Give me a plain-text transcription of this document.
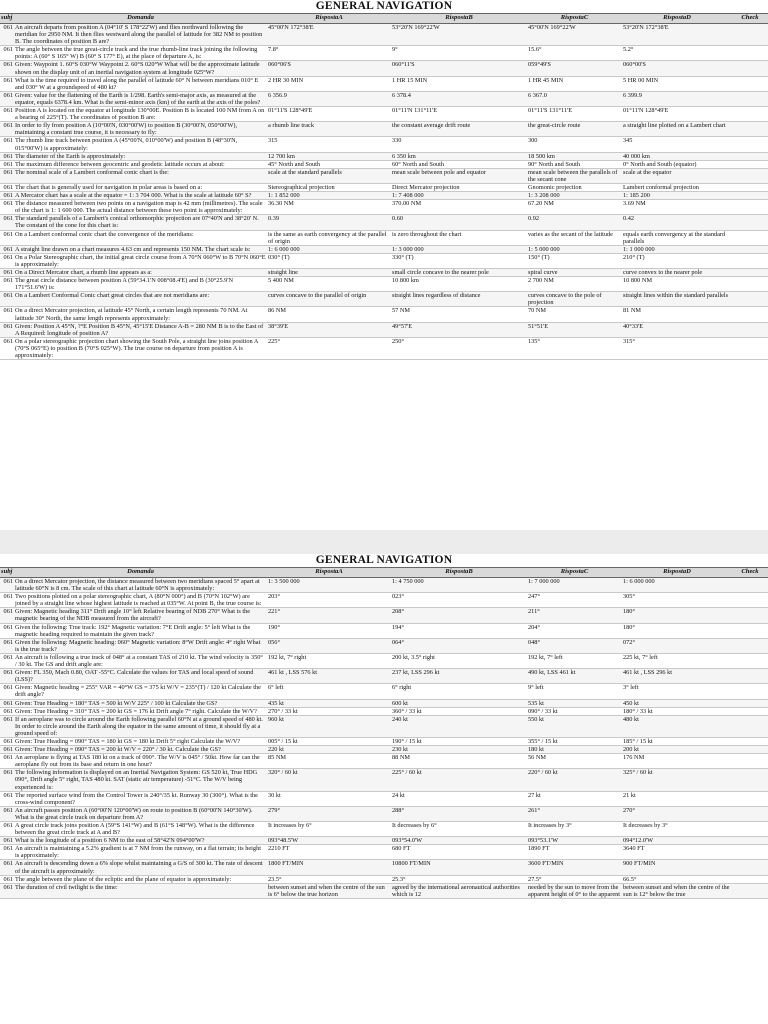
GENERAL NAVIGATION
subj	Domanda	RispostaA	RispostaB	RispostaC	RispostaD	Check
061	An aircraft departs from position A (04°10' S 178°22'W) and flies northward following the meridian for 2950 NM. It then flies westward along the parallel of latitude for 382 NM to position B. The coordinates of position B are?	45°00'N 172°38'E	53°20'N 169°22'W	45°00'N 169°22'W	53°20'N 172°38'E	
061	The angle between the true great-circle track and the true rhumb-line track joining the following points: A (60° S 165° W) B (60° S 177° E), at the place of departure A, is:	7.8°	9°	15.6°	5.2°	
061	Given: Waypoint 1. 60°S 030°W Waypoint 2. 60°S 020°W What will be the approximate latitude shown on the display unit of an inertial navigation system at longitude 025°W?	060°06'S	060°11'S	059°49'S	060°00'S	
061	What is the time required to travel along the parallel of latitude 60° N between meridians 010° E and 030° W at a groundspeed of 480 kt?	2 HR 30 MIN	1 HR 15 MIN	1 HR 45 MIN	5 HR 00 MIN	
061	Given: value for the flattening of the Earth is 1/298. Earth's semi-major axis, as measured at the equator, equals 6378.4 km. What is the semi-minor axis (km) of the earth at the axis of the poles?	6 356.9	6 378.4	6 367.0	6 399.9	
061	Position A is located on the equator at longitude 130°00E. Position B is located 100 NM from A on a bearing of 225°(T). The coordinates of position B are:	01°11'S 128°49'E	01°11'N 131°11'E	01°11'S 131°11'E	01°11'N 128°49'E	
061	In order to fly from position A (10°00'N, 030°00'W) to position B (30°00'N, 050°00'W), maintaining a constant true course, it is necessary to fly:	a rhumb line track	the constant average drift route	the great-circle route	a straight line plotted on a Lambert chart	
061	The rhumb line track between position A (45°00'N, 010°00'W) and position B (48°30'N, 015°00'W) is approximately:	315	330	300	345	
061	The diameter of the Earth is approximately:	12 700 km	6 350 km	18 500 km	40 000 km	
061	The maximum difference between geocentric and geodetic latitude occurs at about:	45° North and South	60° North and South	90° North and South	0° North and South (equator)	
061	The nominal scale of a Lambert conformal conic chart is the:	scale at the standard parallels	mean scale between pole and equator	mean scale between the parallels of the secant cone	scale at the equator	
061	The chart that is generally used for navigation in polar areas is based on a:	Stereographical projection	Direct Mercator projection	Gnomonic projection	Lambert conformal projection	
061	A Mercator chart has a scale at the equator = 1: 3 704 000. What is the scale at latitude 60° S?	1: 1 852 000	1: 7 408 000	1: 3 208 000	1: 185 200	
061	The distance measured between two points on a navigation map is 42 mm (millimetres). The scale of the chart is 1: 1 600 000. The actual distance between these two point is approximately:	36.30 NM	370.00 NM	67.20 NM	3.69 NM	
061	The standard parallels of a Lambert's conical orthomorphic projection are 07°40'N and 38°20' N. The constant of the cone for this chart is:	0.39	0.60	0.92	0.42	
061	On a Lambert conformal conic chart the convergence of the meridians:	is the same as earth convergency at the parallel of origin	is zero throughout the chart	varies as the secant of the latitude	equals earth convergency at the standard parallels	
061	A straight line drawn on a chart measures 4.63 cm and represents 150 NM. The chart scale is:	1: 6 000 000	1: 3 000 000	1: 5 000 000	1: 1 000 000	
061	On a Polar Stereographic chart, the initial great circle course from A 70°N 060°W to B 70°N 060°E is approximately:	030° (T)	330° (T)	150° (T)	210° (T)	
061	On a Direct Mercator chart, a rhumb line appears as a:	straight line	small circle concave to the nearer pole	spiral curve	curve convex to the nearer pole	
061	The great circle distance between position A (59°34.1'N 008°08.4'E) and B (30°25.9'N 171°51.6'W) is:	5 400 NM	10 800 km	2 700 NM	10 800 NM	
061	On a Lambert Conformal Conic chart great circles that are not meridians are:	curves concave to the parallel of origin	straight lines regardless of distance	curves concave to the pole of projection	straight lines within the standard parallels	
061	On a direct Mercator projection, at latitude 45° North, a certain length represents 70 NM. At latitude 30° North, the same length represents approximately:	86 NM	57 NM	70 NM	81 NM	
061	Given: Position A 45°N, ?°E Position B 45°N, 45°15'E Distance A-B = 280 NM B is to the East of A Required: longitude of position A?	38°39'E	49°57'E	51°51'E	40°33'E	
061	On a polar stereographic projection chart showing the South Pole, a straight line joins position A (70°S 065°E) to position B (70°S 025°W). The true course on departure from position A is approximately:	225°	250°	135°	315°	
GENERAL NAVIGATION
subj	Domanda	RispostaA	RispostaB	RispostaC	RispostaD	Check
061	On a direct Mercator projection, the distance measured between two meridians spaced 5° apart at latitude 60°N is 8 cm. The scale of this chart at latitude 60°N is approximately:	1: 3 500 000	1: 4 750 000	1: 7 000 000	1: 6 000 000	
061	Two positions plotted on a polar stereographic chart, A (80°N 000°) and B (70°N 102°W) are joined by a straight line whose highest latitude is reached at 035°W. At point B, the true course is:	203°	023°	247°	305°	
061	Given: Magnetic heading 311° Drift angle 10° left Relative bearing of NDB 270° What is the magnetic bearing of the NDB measured from the aircraft?	221°	208°	211°	180°	
061	Given the following: True track: 192° Magnetic variation: 7°E Drift angle: 5° left What is the magnetic heading required to maintain the given track?	190°	194°	204°	180°	
061	Given the following: Magnetic heading: 060° Magnetic variation: 8°W Drift angle: 4° right What is the true track?	056°	064°	048°	072°	
061	An aircraft is following a true track of 048° at a constant TAS of 210 kt. The wind velocity is 350° / 30 kt. The GS and drift angle are:	192 kt, 7° right	200 kt, 3.5° right	192 kt, 7° left	225 kt, 7° left	
061	Given: FL 350, Mach 0.80, OAT -55°C. Calculate the values for TAS and local speed of sound (LSS)?	461 kt , LSS 576 kt	237 kt, LSS 296 kt	490 kt, LSS 461 kt	461 kt , LSS 296 kt	
061	Given: Magnetic heading = 255° VAR = 40°W GS = 375 kt W/V = 235°(T) / 120 kt Calculate the drift angle?	6° left	6° right	9° left	3° left	
061	Given: True Heading = 180° TAS = 500 kt W/V 225° / 100 kt Calculate the GS?	435 kt	600 kt	535 kt	450 kt	
061	Given: True Heading = 310° TAS = 200 kt GS = 176 kt Drift angle 7° right. Calculate the W/V?	270° / 33 kt	360° / 33 kt	090° / 33 kt	180° / 33 kt	
061	If an aeroplane was to circle around the Earth following parallel 60°N at a ground speed of 480 kt. In order to circle around the Earth along the equator in the same amount of time, it should fly at a ground speed of:	960 kt	240 kt	550 kt	480 kt	
061	Given: True Heading = 090° TAS = 180 kt GS = 180 kt Drift 5° right Calculate the W/V?	005° / 15 kt	190° / 15 kt	355° / 15 kt	185° / 15 kt	
061	Given: True Heading = 090° TAS = 200 kt W/V = 220° / 30 kt. Calculate the GS?	220 kt	230 kt	180 kt	200 kt	
061	An aeroplane is flying at TAS 180 kt on a track of 090°. The W/V is 045° / 50kt. How far can the aeroplane fly out from its base and return in one hour?	85 NM	88 NM	56 NM	176 NM	
061	The following information is displayed on an Inertial Navigation System: GS 520 kt, True HDG 090°, Drift angle 5° right, TAS 480 kt. SAT (static air temperature) -51°C. The W/V being experienced is:	320° / 60 kt	225° / 60 kt	220° / 60 kt	325° / 60 kt	
061	The reported surface wind from the Control Tower is 240°/35 kt. Runway 30 (300°). What is the cross-wind component?	30 kt	24 kt	27 kt	21 kt	
061	An aircraft passes position A (60°00'N 120°00'W) on route to position B (60°00'N 140°30'W). What is the great circle track on departure from A?	279°	288°	261°	270°	
061	A great circle track joins position A (59°S 141°W) and B (61°S 148°W). What is the difference between the great circle track at A and B?	It increases by 6°	It decreases by 6°	It increases by 3°	It decreases by 3°	
061	What is the longitude of a position 6 NM to the east of 58°42'N 094°00'W?	093°48.5'W	093°54.0'W	093°53.1'W	094°12.0'W	
061	An aircraft is maintaining a 5.2% gradient is at 7 NM from the runway, on a flat terrain; its height is approximately:	2210 FT	680 FT	1890 FT	3640 FT	
061	An aircraft is descending down a 6% slope whilst maintaining a G/S of 300 kt. The rate of descent of the aircraft is approximately:	1800 FT/MIN	10800 FT/MIN	3600 FT/MIN	900 FT/MIN	
061	The angle between the plane of the ecliptic and the plane of equator is approximately:	23.5°	25.3°	27.5°	66.5°	
061	The duration of civil twilight is the time:	between sunset and when the centre of the sun is 6° below the true horizon	agreed by the international aeronautical authorities which is 12	needed by the sun to move from the apparent height of 0° to the apparent	between sunset and when the centre of the sun is 12° below the true	
